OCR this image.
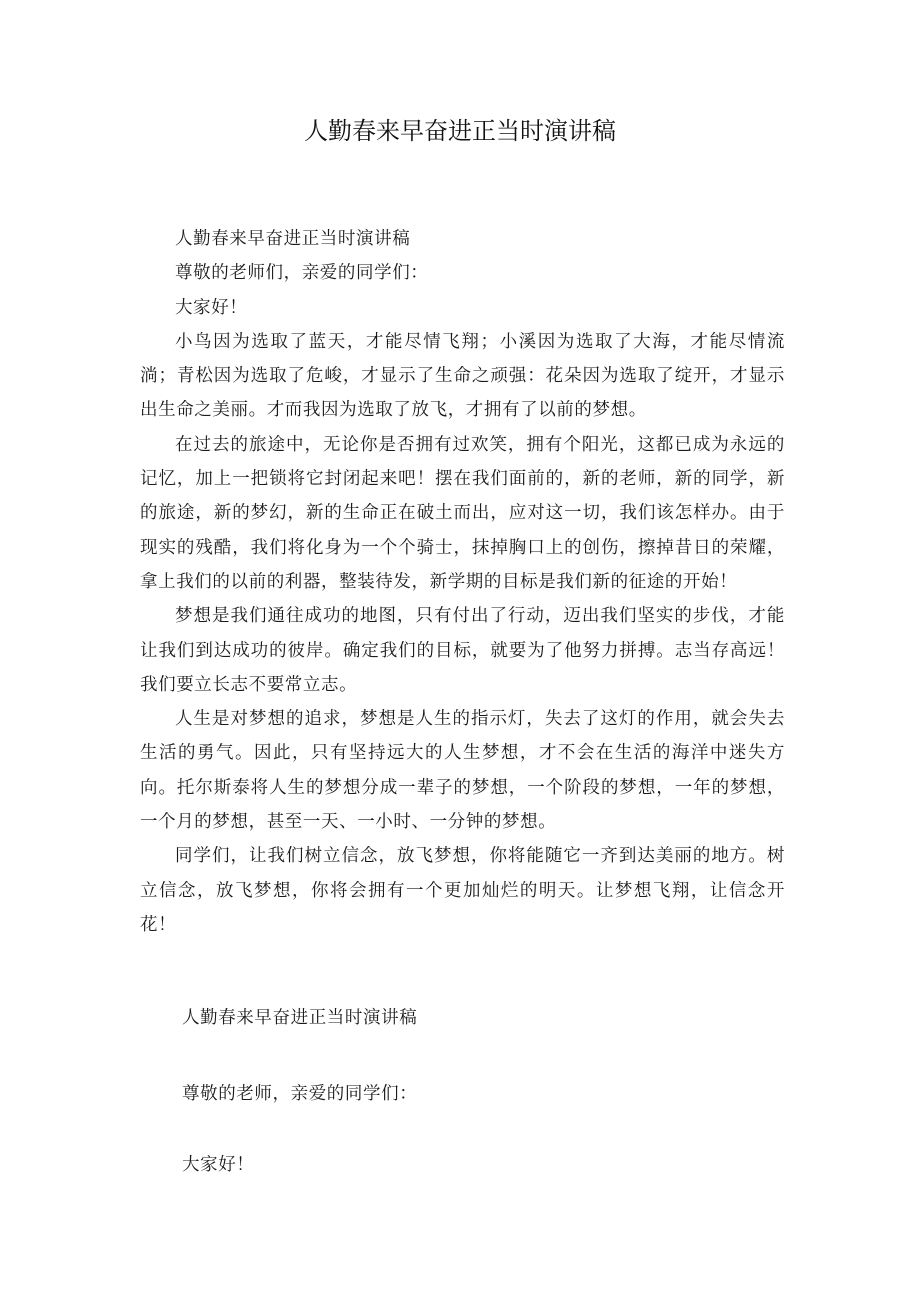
人勤春来早奋进正当时演讲稿

人勤春来早奋进正当时演讲稿

尊敬的老师们，亲爱的同学们：

大家好！

小鸟因为选取了蓝天，才能尽情飞翔；小溪因为选取了大海，才能尽情流淌；青松因为选取了危峻，才显示了生命之顽强：花朵因为选取了绽开，才显示出生命之美丽。才而我因为选取了放飞，才拥有了以前的梦想。

在过去的旅途中，无论你是否拥有过欢笑，拥有个阳光，这都已成为永远的记忆，加上一把锁将它封闭起来吧！摆在我们面前的，新的老师，新的同学，新的旅途，新的梦幻，新的生命正在破土而出，应对这一切，我们该怎样办。由于现实的残酷，我们将化身为一个个骑士，抹掉胸口上的创伤，擦掉昔日的荣耀，拿上我们的以前的利器，整装待发，新学期的目标是我们新的征途的开始！

梦想是我们通往成功的地图，只有付出了行动，迈出我们坚实的步伐，才能让我们到达成功的彼岸。确定我们的目标，就要为了他努力拼搏。志当存高远！我们要立长志不要常立志。

人生是对梦想的追求，梦想是人生的指示灯，失去了这灯的作用，就会失去生活的勇气。因此，只有坚持远大的人生梦想，才不会在生活的海洋中迷失方向。托尔斯泰将人生的梦想分成一辈子的梦想，一个阶段的梦想，一年的梦想，一个月的梦想，甚至一天、一小时、一分钟的梦想。

同学们，让我们树立信念，放飞梦想，你将能随它一齐到达美丽的地方。树立信念，放飞梦想，你将会拥有一个更加灿烂的明天。让梦想飞翔，让信念开花！

人勤春来早奋进正当时演讲稿

尊敬的老师，亲爱的同学们：

大家好！
